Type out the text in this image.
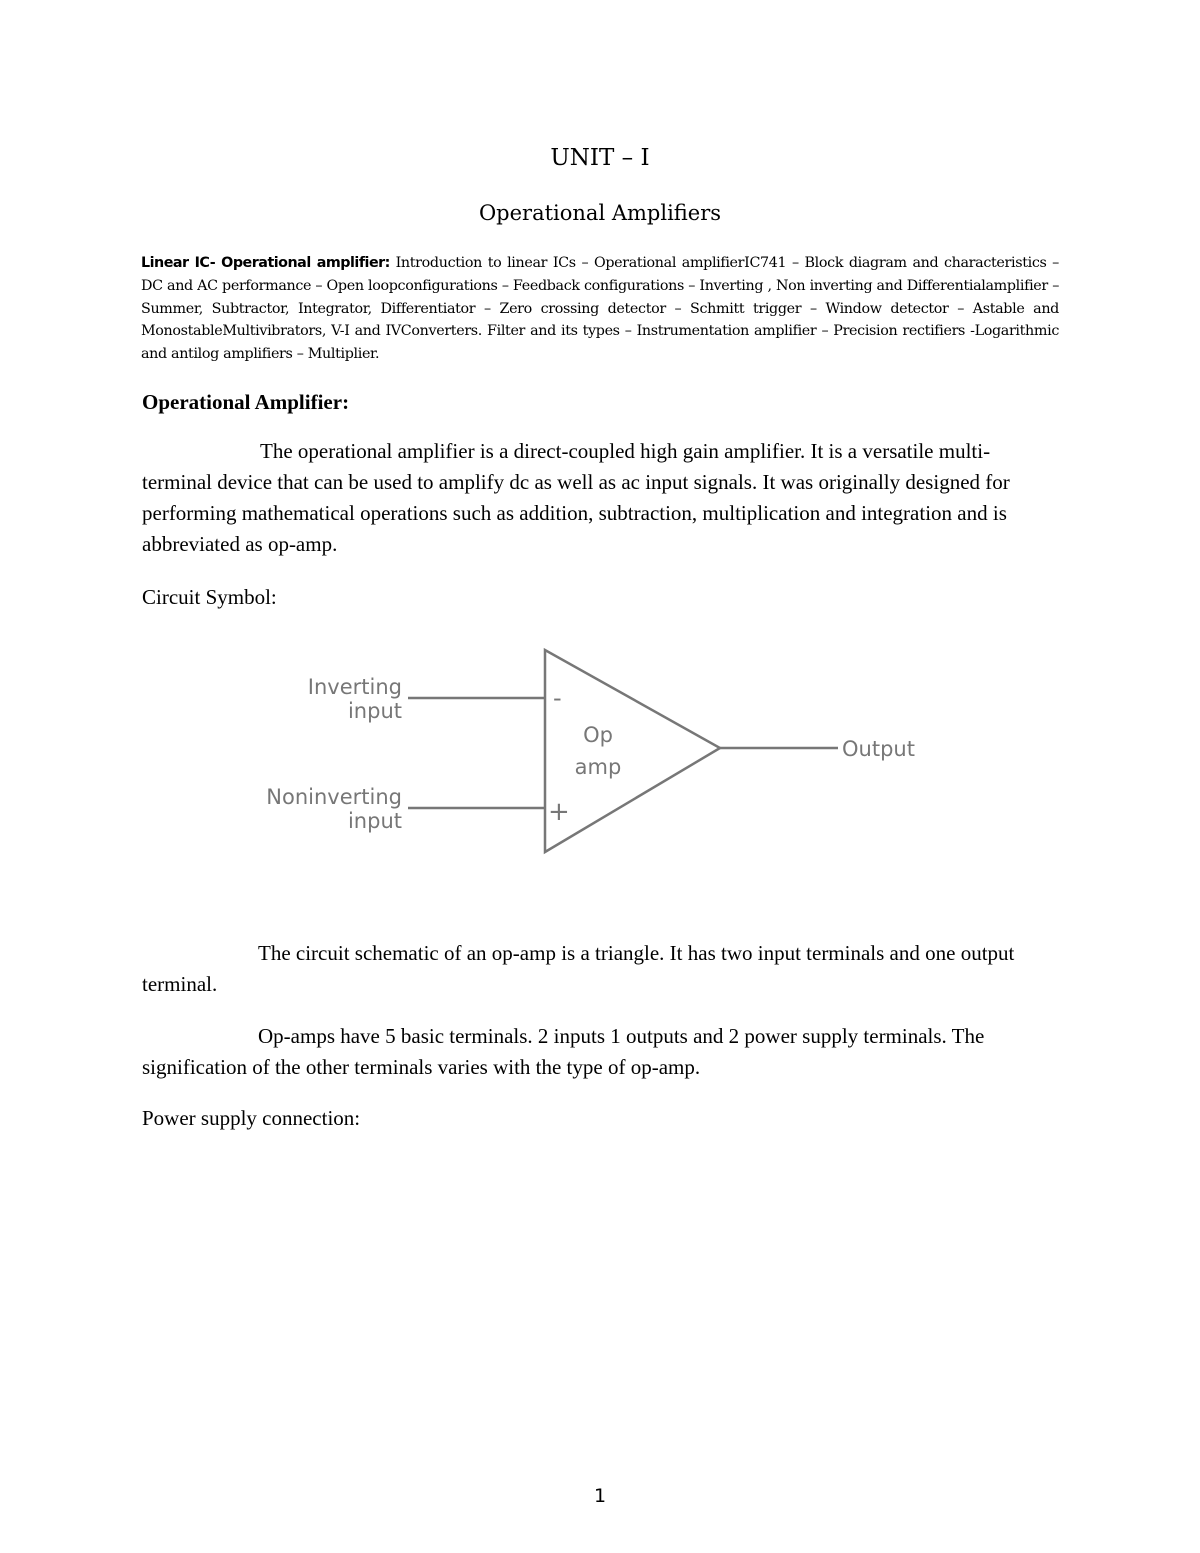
UNIT – I
Operational Amplifiers
Linear IC- Operational amplifier: Introduction to linear ICs – Operational amplifierIC741 – Block diagram and characteristics – DC and AC performance – Open loopconfigurations – Feedback configurations – Inverting , Non inverting and Differentialamplifier – Summer, Subtractor, Integrator, Differentiator – Zero crossing detector – Schmitt trigger – Window detector – Astable and MonostableMultivibrators, V-I and IVConverters. Filter and its types – Instrumentation amplifier – Precision rectifiers -Logarithmic and antilog amplifiers – Multiplier.
Operational Amplifier:
The operational amplifier is a direct-coupled high gain amplifier. It is a versatile multi-terminal device that can be used to amplify dc as well as ac input signals. It was originally designed for performing mathematical operations such as addition, subtraction, multiplication and integration and is abbreviated as op-amp.
Circuit Symbol:
Inverting
input
Noninverting
input
-
+
Op
amp
Output
The circuit schematic of an op-amp is a triangle. It has two input terminals and one output terminal.
Op-amps have 5 basic terminals. 2 inputs 1 outputs and 2 power supply terminals. The signification of the other terminals varies with the type of op-amp.
Power supply connection:
1
